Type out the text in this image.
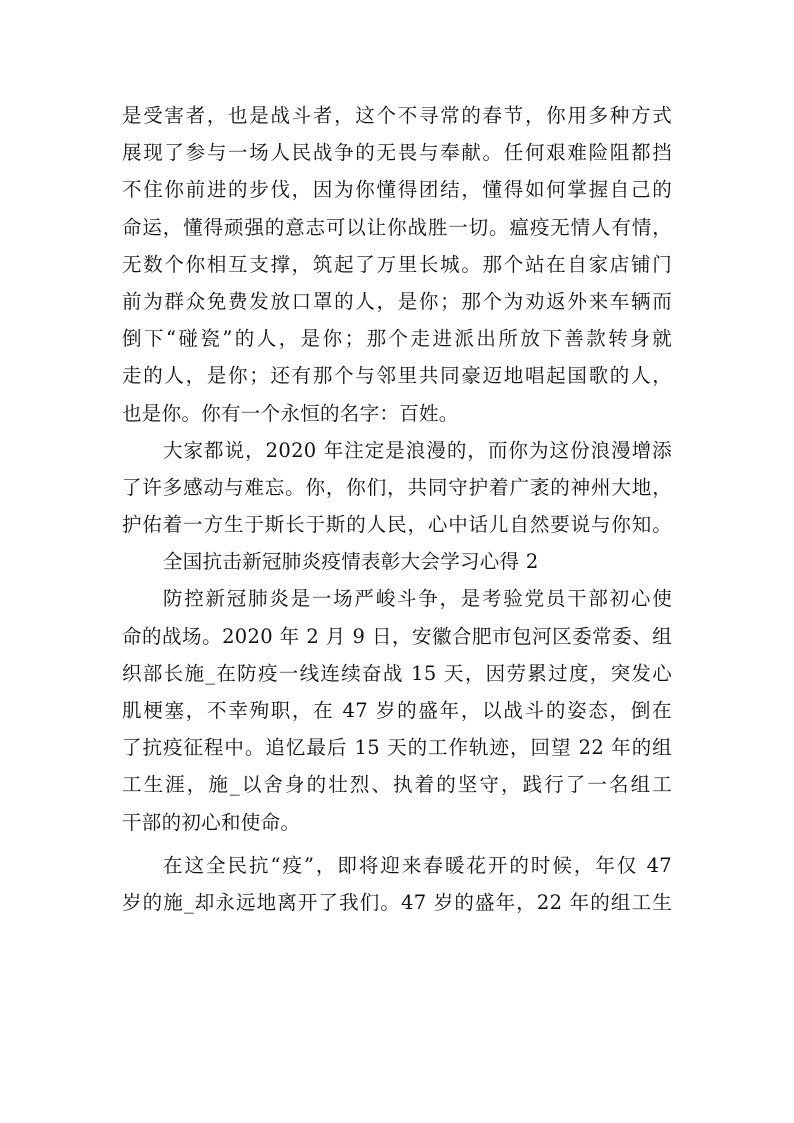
是受害者，也是战斗者，这个不寻常的春节，你用多种方式
展现了参与一场人民战争的无畏与奉献。任何艰难险阻都挡
不住你前进的步伐，因为你懂得团结，懂得如何掌握自己的
命运，懂得顽强的意志可以让你战胜一切。瘟疫无情人有情，
无数个你相互支撑，筑起了万里长城。那个站在自家店铺门
前为群众免费发放口罩的人，是你；那个为劝返外来车辆而
倒下“碰瓷”的人，是你；那个走进派出所放下善款转身就
走的人，是你；还有那个与邻里共同豪迈地唱起国歌的人，
也是你。你有一个永恒的名字：百姓。
大家都说，2020 年注定是浪漫的，而你为这份浪漫增添
了许多感动与难忘。你，你们，共同守护着广袤的神州大地，
护佑着一方生于斯长于斯的人民，心中话儿自然要说与你知。
全国抗击新冠肺炎疫情表彰大会学习心得 2
防控新冠肺炎是一场严峻斗争，是考验党员干部初心使
命的战场。2020 年 2 月 9 日，安徽合肥市包河区委常委、组
织部长施_在防疫一线连续奋战 15 天，因劳累过度，突发心
肌梗塞，不幸殉职，在 47 岁的盛年，以战斗的姿态，倒在
了抗疫征程中。追忆最后 15 天的工作轨迹，回望 22 年的组
工生涯，施_以舍身的壮烈、执着的坚守，践行了一名组工
干部的初心和使命。
在这全民抗“疫”，即将迎来春暖花开的时候，年仅 47
岁的施_却永远地离开了我们。47 岁的盛年，22 年的组工生
